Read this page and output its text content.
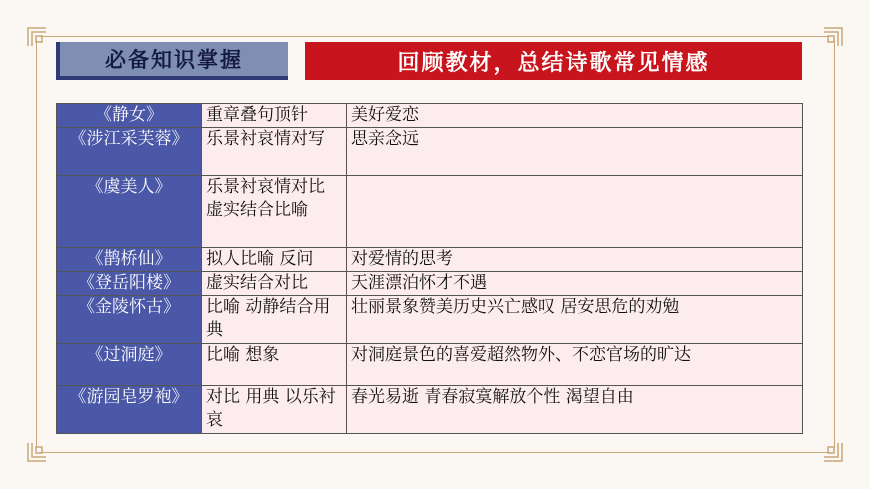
必备知识掌握	回顾教材，总结诗歌常见情感
《静女》	重章叠句顶针	美好爱恋
《涉江采芙蓉》	乐景衬哀情对写	思亲念远
《虞美人》	乐景衬哀情对比 虚实结合比喻	
《鹊桥仙》	拟人比喻 反问	对爱情的思考
《登岳阳楼》	虚实结合对比	天涯漂泊怀才不遇
《金陵怀古》	比喻 动静结合用典	壮丽景象赞美历史兴亡感叹 居安思危的劝勉
《过洞庭》	比喻 想象	对洞庭景色的喜爱超然物外、不恋官场的旷达
《游园皂罗袍》	对比 用典 以乐衬哀	春光易逝 青春寂寞解放个性 渴望自由
